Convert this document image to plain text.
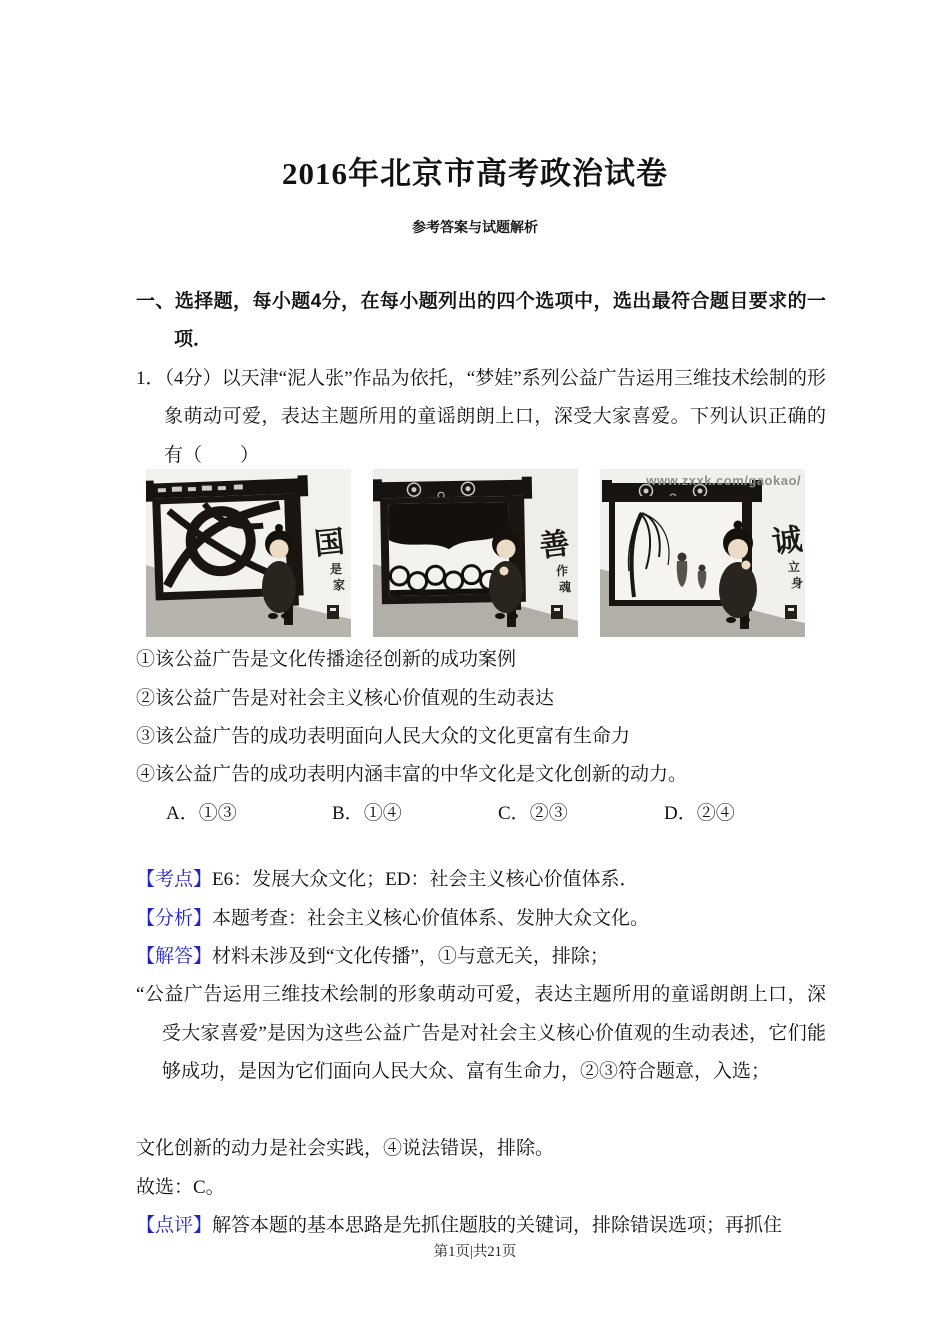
2016年北京市高考政治试卷
参考答案与试题解析

一、选择题，每小题4分，在每小题列出的四个选项中，选出最符合题目要求的一项．

1．（4分）以天津“泥人张”作品为依托，“梦娃”系列公益广告运用三维技术绘制的形象萌动可爱，表达主题所用的童谣朗朗上口，深受大家喜爱。下列认识正确的有（　　）

国
是
家
善
作
魂
诚
立
身
www.zxxk.com/gaokao/
①该公益广告是文化传播途径创新的成功案例
②该公益广告是对社会主义核心价值观的生动表达
③该公益广告的成功表明面向人民大众的文化更富有生命力
④该公益广告的成功表明内涵丰富的中华文化是文化创新的动力。
A．①③	B．①④	C．②③	D．②④

【考点】E6：发展大众文化；ED：社会主义核心价值体系．

【分析】本题考查：社会主义核心价值体系、发肿大众文化。

【解答】材料未涉及到“文化传播”，①与意无关，排除；

“公益广告运用三维技术绘制的形象萌动可爱，表达主题所用的童谣朗朗上口，深受大家喜爱”是因为这些公益广告是对社会主义核心价值观的生动表述，它们能够成功，是因为它们面向人民大众、富有生命力，②③符合题意，入选；

文化创新的动力是社会实践，④说法错误，排除。

故选：C。

【点评】解答本题的基本思路是先抓住题肢的关键词，排除错误选项；再抓住

第1页|共21页
